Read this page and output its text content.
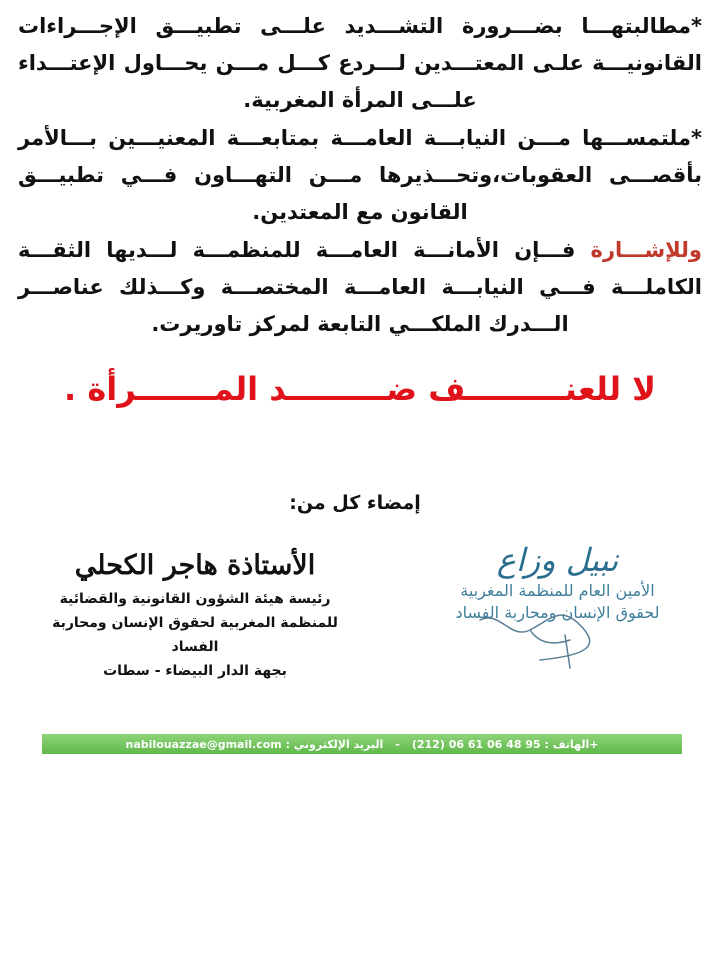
*مطالبتهـــا بضـــرورة التشـــديد علـــى تطبيـــق الإجـــراءات القانونيـــة علـى المعتـــدين لـــردع كـــل مـــن يحـــاول الإعتـــداء علـــى المرأة المغربية.
*ملتمســـها مـــن النيابـــة العامـــة بمتابعـــة المعنيـــين بـــالأمر بأقصـــى العقوبات،وتحـــذيرها مـــن التهـــاون فـــي تطبيـــق القانون مع المعتدين.
وللإشـــارة فـــإن الأمانـــة العامـــة للمنظمـــة لـــديها الثقـــة الكاملـــة فـــي النيابـــة العامـــة المختصـــة وكـــذلك عناصـــر الـــدرك الملكـــي التابعة لمركز تاوريرت.
لا للعنـــــــــف ضـــــــــد المـــــــرأة .
إمضاء كل من:
نبيل وزاع
الأمين العام للمنظمة المغربية
لحقوق الإنسان ومحاربة الفساد
الأستاذة هاجر الكحلي
رئيسة هيئة الشؤون القانونية والقضائية
للمنظمة المغربية لحقوق الإنسان ومحاربة الفساد
بجهة الدار البيضاء - سطات
الهاتف : 95 48 06 61 06 (212)+
-
البريد الإلكتروني : nabilouazzae@gmail.com
